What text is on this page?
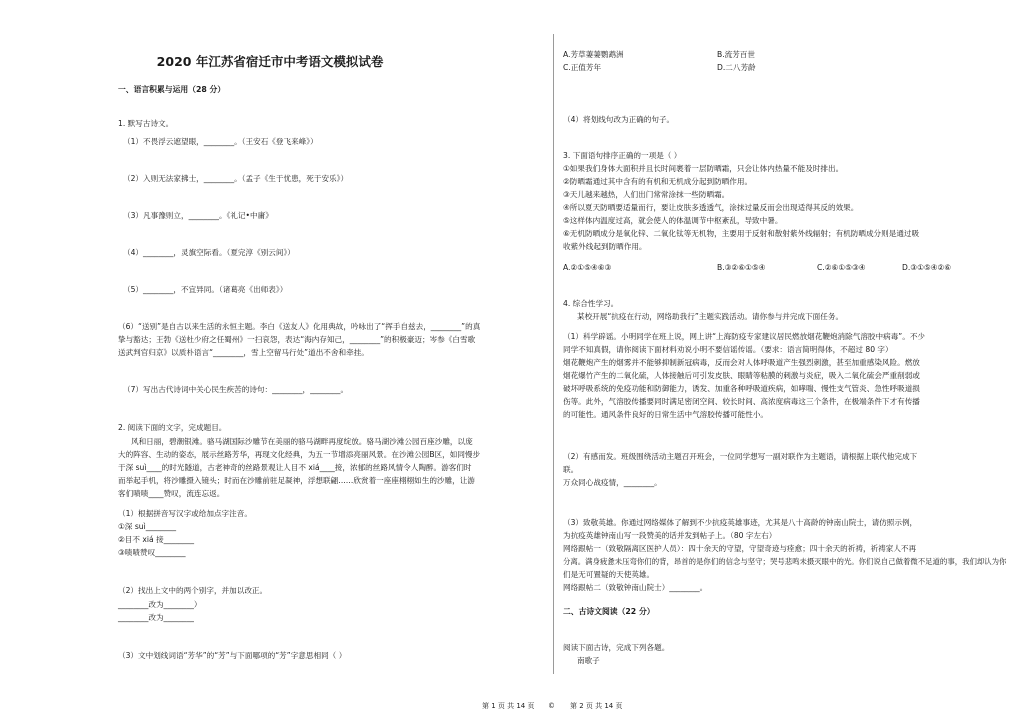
2020 年江苏省宿迁市中考语文模拟试卷
一、语言积累与运用（28 分）
1. 默写古诗文。
（1）不畏浮云遮望眼，________。（王安石《登飞来峰》）
（2）入则无法家拂士，________。（孟子《生于忧患，死于安乐》）
（3）凡事豫则立，________。《礼记•中庸》
（4）________，灵旗空际看。（夏完淳《别云间》）
（5）________，不宜异同。（诸葛亮《出师表》）
（6）“送别”是自古以来生活的永恒主题。李白《送友人》化用典故，吟咏出了“挥手自兹去，________”的真
挚与豁达；王勃《送杜少府之任蜀州》一扫哀怨，表达“海内存知己，________”的积极豪迈；岑参《白雪歌
送武判官归京》以质朴语言“________，雪上空留马行处”道出不舍和牵挂。
（7）写出古代诗词中关心民生疾苦的诗句：________，________。
2. 阅读下面的文字，完成题目。
风和日丽，碧潮银滩。骆马湖国际沙雕节在美丽的骆马湖畔再度绽放。骆马湖沙滩公园百座沙雕，以庞
大的阵容、生动的姿态，展示丝路芳华，再现文化经典，为五一节增添亮丽风景。在沙滩公园B区，如同慢步
于深 suì____的时光隧道，古老神奇的丝路景观让人目不 xiá____接，浓郁的丝路风情令人陶醉。游客们时
而举起手机，将沙雕摄入镜头；时而在沙雕前驻足凝神，浮想联翩……欣赏着一座座栩栩如生的沙雕，让游
客们啧啧____赞叹，流连忘返。
（1）根据拼音写汉字或给加点字注音。
①深 suì________
②目不 xiá 接________
③啧啧赞叹________
（2）找出上文中的两个别字，并加以改正。
________改为________）
________改为________
（3）文中划线词语“芳华”的“芳”与下面哪项的“芳”字意思相同（ ）
第 1 页 共 14 页
A.芳草萋萋鹦鹉洲	B.流芳百世
C.正值芳年	D.二八芳龄
（4）将划线句改为正确的句子。
3. 下面语句排序正确的一项是（ ）
①如果我们身体大面积并且长时间裹着一层防晒霜，只会让体内热量不能及时排出。
②防晒霜通过其中含有的有机和无机成分起到防晒作用。
③天儿越来越热，人们出门常常涂抹一些防晒霜。
④所以夏天防晒要适量而行，要让皮肤多透透气，涂抹过量反而会出现适得其反的效果。
⑤这样体内温度过高，就会使人的体温调节中枢紊乱，导致中暑。
⑥无机防晒成分是氧化锌、二氧化钛等无机物，主要用于反射和散射紫外线辐射；有机防晒成分则是通过吸
收紫外线起到防晒作用。
A.②①⑤④⑥③	B.③②⑥①⑤④	C.②⑥①⑤③④	D.③①⑤④②⑥
4. 综合性学习。
某校开展“抗疫在行动，网络助我行”主题实践活动。请你参与并完成下面任务。
（1）科学辟谣。小明同学在班上说，网上讲“上海防疫专家建议居民燃放烟花鞭炮消除气溶胶中病毒”。不少
同学不知真假，请你阅读下面材料劝说小明不要信谣传谣。（要求：语言简明得体，不超过 80 字）
烟花鞭炮产生的烟雾并不能够抑制新冠病毒，反而会对人体呼吸道产生强烈刺激，甚至加重感染风险。燃放
烟花爆竹产生的二氧化硫，人体接触后可引发皮肤、眼睛等粘膜的刺激与炎症，吸入二氧化硫会严重削弱或
破坏呼吸系统的免疫功能和防御能力，诱发、加重各种呼吸道疾病，如哮喘、慢性支气管炎、急性呼吸道损
伤等。此外，气溶胶传播要同时满足密闭空间、较长时间、高浓度病毒这三个条件，在极端条件下才有传播
的可能性。通风条件良好的日常生活中气溶胶传播可能性小。
（2）有感而发。班级围绕活动主题召开班会，一位同学想写一副对联作为主题语，请根据上联代他完成下
联。
万众同心战疫情，________。
（3）致敬英雄。你通过网络媒体了解到不少抗疫英雄事迹，尤其是八十高龄的钟南山院士，请仿照示例，
为抗疫英雄钟南山写一段赞美的话并发到帖子上。（80 字左右）
网络跟帖一（致敬隔离区医护人员）：四十余天的守望，守望奇迹与痊愈；四十余天的祈祷，祈祷家人不再
分离。满身疲惫未压弯你们的背，昂首的是你们的信念与坚守；哭号悲鸣未摄灭眼中的光。你们说自己做着微不足道的事，我们却认为你
们是无可置疑的天使英雄。
网络跟帖二（致敬钟南山院士）________。
二、古诗文阅读（22 分）
阅读下面古诗，完成下列各题。
南歌子
© 第 2 页 共 14 页
